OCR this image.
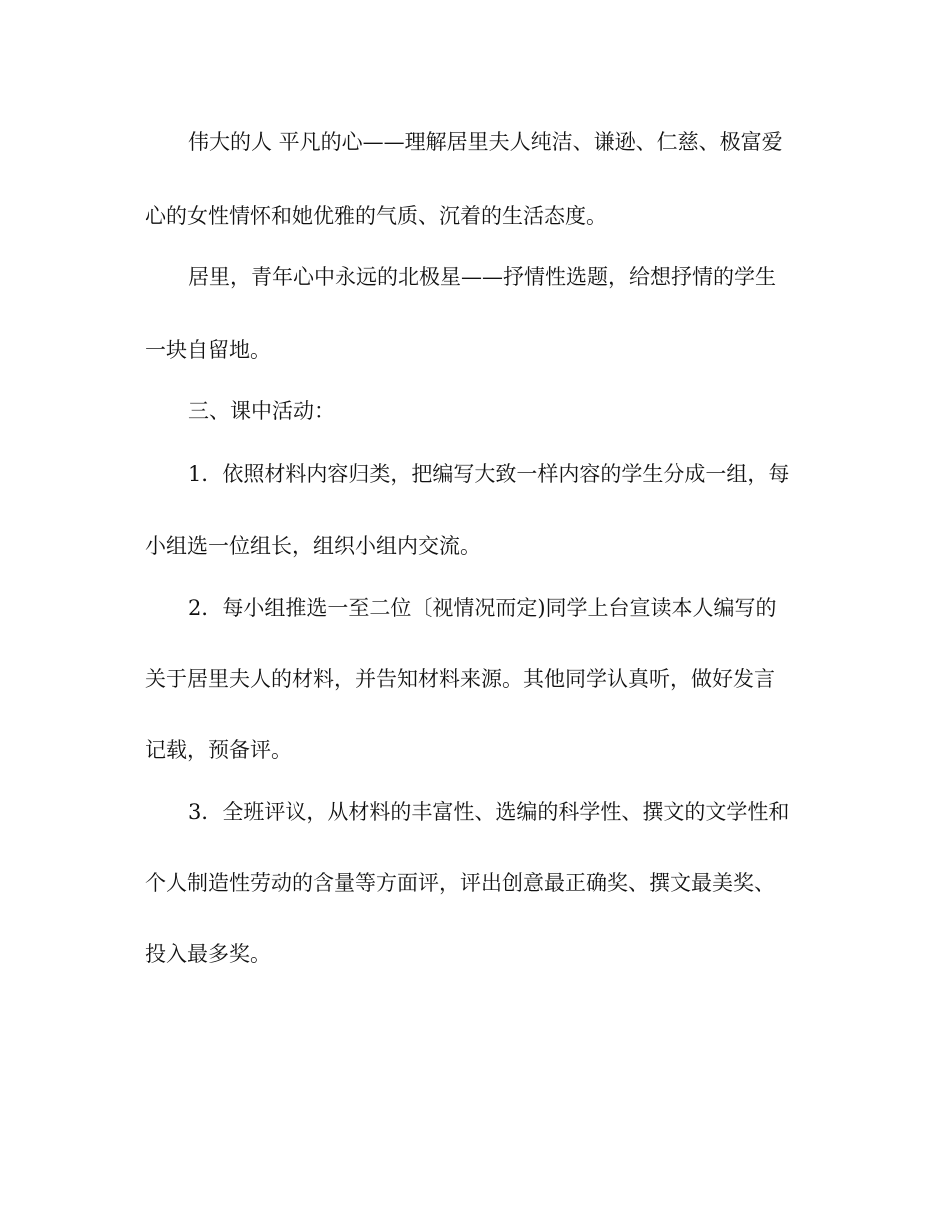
伟大的人 平凡的心——理解居里夫人纯洁、谦逊、仁慈、极富爱

心的女性情怀和她优雅的气质、沉着的生活态度。

居里，青年心中永远的北极星——抒情性选题，给想抒情的学生

一块自留地。

三、课中活动：

1．依照材料内容归类，把编写大致一样内容的学生分成一组，每

小组选一位组长，组织小组内交流。

2．每小组推选一至二位〔视情况而定)同学上台宣读本人编写的

关于居里夫人的材料，并告知材料来源。其他同学认真听，做好发言

记载，预备评。

3．全班评议，从材料的丰富性、选编的科学性、撰文的文学性和

个人制造性劳动的含量等方面评，评出创意最正确奖、撰文最美奖、

投入最多奖。
